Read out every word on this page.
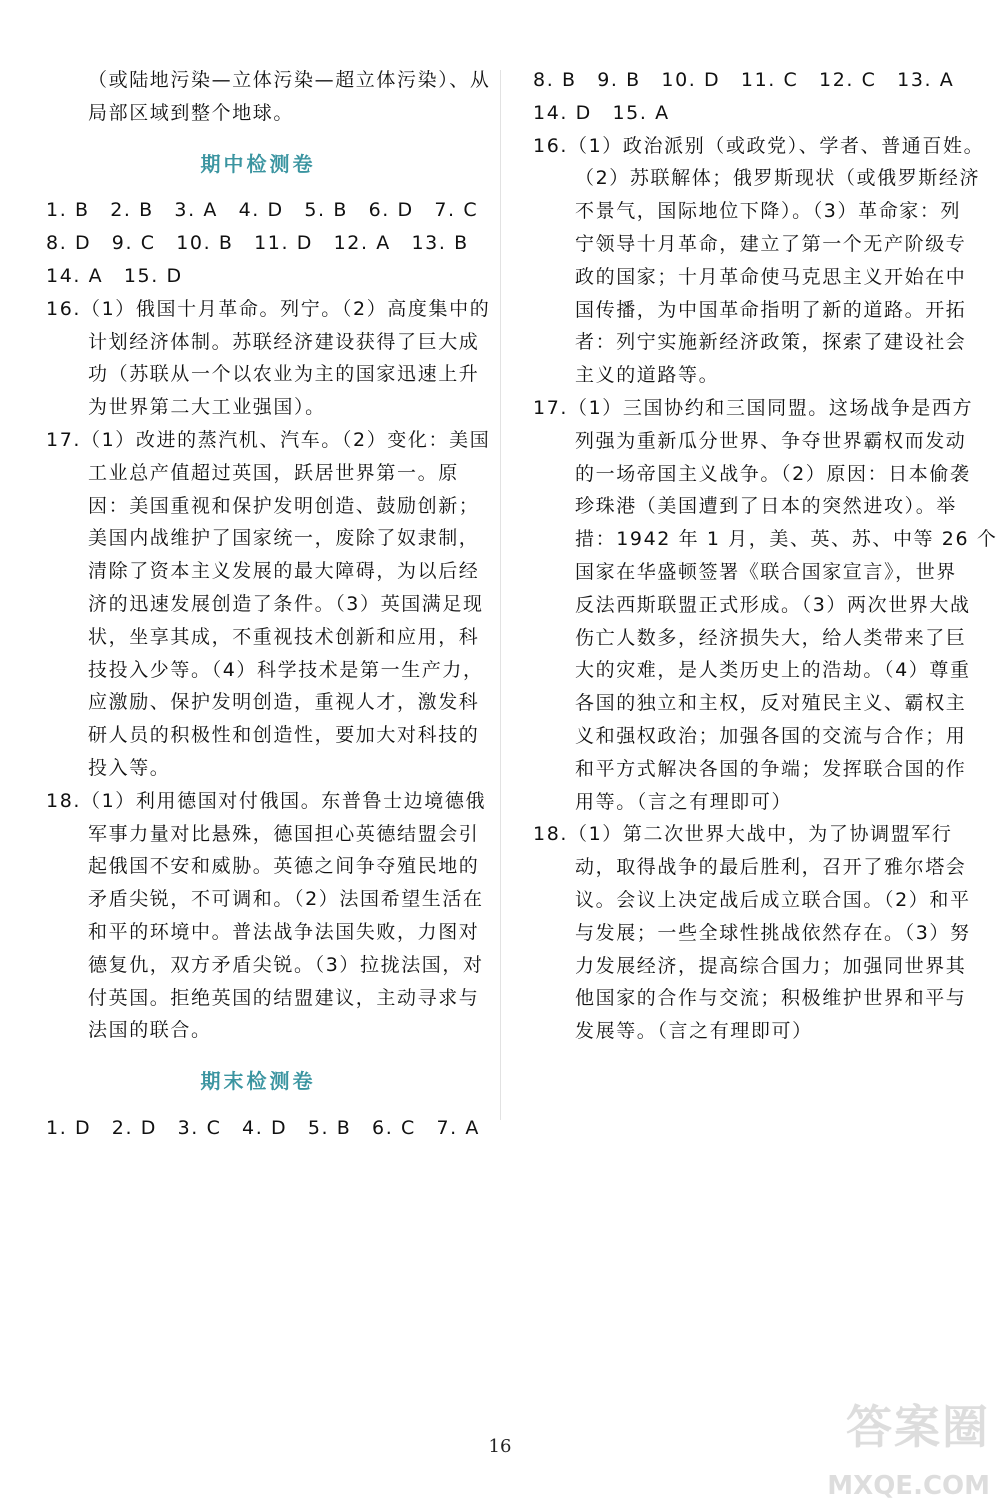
（或陆地污染—立体污染—超立体污染）、从

局部区域到整个地球。

期中检测卷

1. B　2. B　3. A　4. D　5. B　6. D　7. C

8. D　9. C　10. B　11. D　12. A　13. B

14. A　15. D

16.（1）俄国十月革命。列宁。（2）高度集中的

计划经济体制。苏联经济建设获得了巨大成

功（苏联从一个以农业为主的国家迅速上升

为世界第二大工业强国）。

17.（1）改进的蒸汽机、汽车。（2）变化：美国

工业总产值超过英国，跃居世界第一。原

因：美国重视和保护发明创造、鼓励创新；

美国内战维护了国家统一，废除了奴隶制，

清除了资本主义发展的最大障碍，为以后经

济的迅速发展创造了条件。（3）英国满足现

状，坐享其成，不重视技术创新和应用，科

技投入少等。（4）科学技术是第一生产力，

应激励、保护发明创造，重视人才，激发科

研人员的积极性和创造性，要加大对科技的

投入等。

18.（1）利用德国对付俄国。东普鲁士边境德俄

军事力量对比悬殊，德国担心英德结盟会引

起俄国不安和威胁。英德之间争夺殖民地的

矛盾尖锐，不可调和。（2）法国希望生活在

和平的环境中。普法战争法国失败，力图对

德复仇，双方矛盾尖锐。（3）拉拢法国，对

付英国。拒绝英国的结盟建议，主动寻求与

法国的联合。

期末检测卷

1. D　2. D　3. C　4. D　5. B　6. C　7. A

8. B　9. B　10. D　11. C　12. C　13. A

14. D　15. A

16.（1）政治派别（或政党）、学者、普通百姓。

（2）苏联解体；俄罗斯现状（或俄罗斯经济

不景气，国际地位下降）。（3）革命家：列

宁领导十月革命，建立了第一个无产阶级专

政的国家；十月革命使马克思主义开始在中

国传播，为中国革命指明了新的道路。开拓

者：列宁实施新经济政策，探索了建设社会

主义的道路等。

17.（1）三国协约和三国同盟。这场战争是西方

列强为重新瓜分世界、争夺世界霸权而发动

的一场帝国主义战争。（2）原因：日本偷袭

珍珠港（美国遭到了日本的突然进攻）。举

措：1942 年 1 月，美、英、苏、中等 26 个

国家在华盛顿签署《联合国家宣言》，世界

反法西斯联盟正式形成。（3）两次世界大战

伤亡人数多，经济损失大，给人类带来了巨

大的灾难，是人类历史上的浩劫。（4）尊重

各国的独立和主权，反对殖民主义、霸权主

义和强权政治；加强各国的交流与合作；用

和平方式解决各国的争端；发挥联合国的作

用等。（言之有理即可）

18.（1）第二次世界大战中，为了协调盟军行

动，取得战争的最后胜利，召开了雅尔塔会

议。会议上决定战后成立联合国。（2）和平

与发展；一些全球性挑战依然存在。（3）努

力发展经济，提高综合国力；加强同世界其

他国家的合作与交流；积极维护世界和平与

发展等。（言之有理即可）

16	答案圈
MXQE.COM
